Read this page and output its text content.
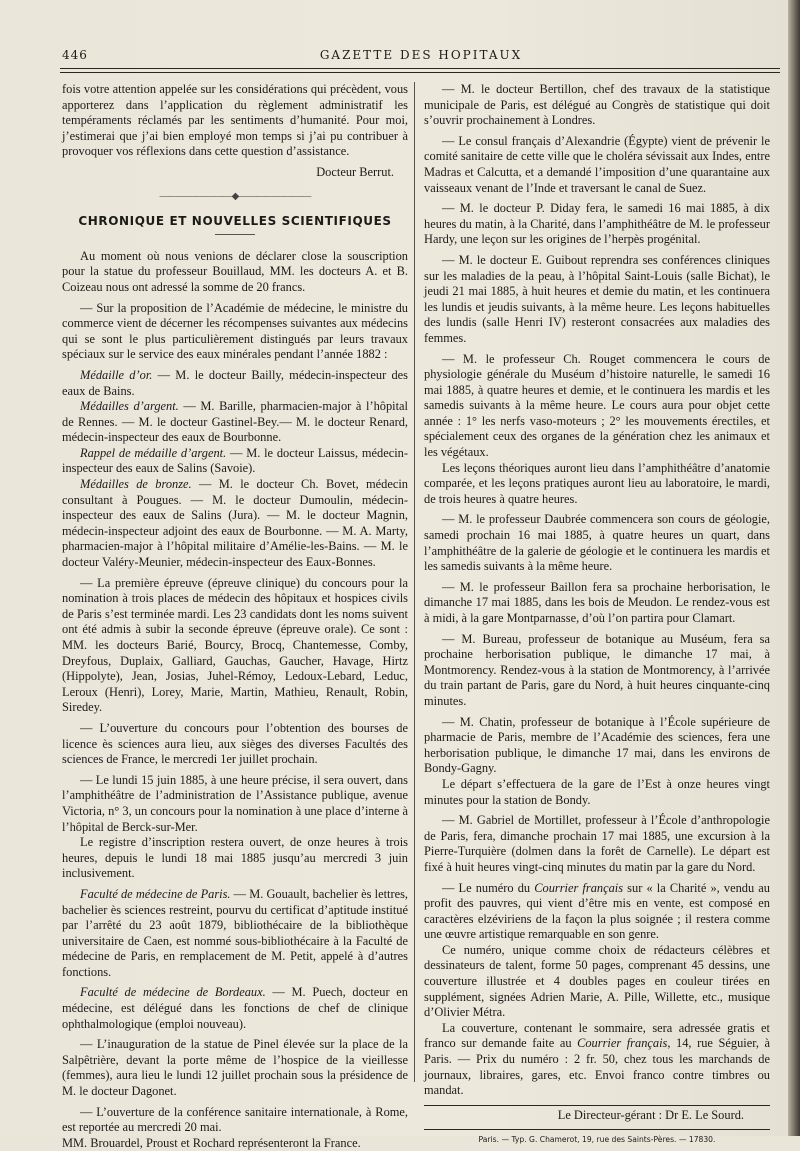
446	GAZETTE DES HOPITAUX

fois votre attention appelée sur les considérations qui précèdent, vous apporterez dans l’application du règlement administratif les tempéraments réclamés par les sentiments d’humanité. Pour moi, j’estimerai que j’ai bien employé mon temps si j’ai pu contribuer à provoquer vos réflexions dans cette question d’assistance.

Docteur Berrut.
————————◆————————
CHRONIQUE ET NOUVELLES SCIENTIFIQUES

Au moment où nous venions de déclarer close la souscription pour la statue du professeur Bouillaud, MM. les docteurs A. et B. Coizeau nous ont adressé la somme de 20 francs.

— Sur la proposition de l’Académie de médecine, le ministre du commerce vient de décerner les récompenses suivantes aux médecins qui se sont le plus particulièrement distingués par leurs travaux spéciaux sur le service des eaux minérales pendant l’année 1882 :

Médaille d’or. — M. le docteur Bailly, médecin-inspecteur des eaux de Bains.

Médailles d’argent. — M. Barille, pharmacien-major à l’hôpital de Rennes. — M. le docteur Gastinel-Bey.— M. le docteur Renard, médecin-inspecteur des eaux de Bourbonne.

Rappel de médaille d’argent. — M. le docteur Laissus, médecin-inspecteur des eaux de Salins (Savoie).

Médailles de bronze. — M. le docteur Ch. Bovet, médecin consultant à Pougues. — M. le docteur Dumoulin, médecin-inspecteur des eaux de Salins (Jura). — M. le docteur Magnin, médecin-inspecteur adjoint des eaux de Bourbonne. — M. A. Marty, pharmacien-major à l’hôpital militaire d’Amélie-les-Bains. — M. le docteur Valéry-Meunier, médecin-inspecteur des Eaux-Bonnes.

— La première épreuve (épreuve clinique) du concours pour la nomination à trois places de médecin des hôpitaux et hospices civils de Paris s’est terminée mardi. Les 23 candidats dont les noms suivent ont été admis à subir la seconde épreuve (épreuve orale). Ce sont : MM. les docteurs Barié, Bourcy, Brocq, Chantemesse, Comby, Dreyfous, Duplaix, Galliard, Gauchas, Gaucher, Havage, Hirtz (Hippolyte), Jean, Josias, Juhel-Rémoy, Ledoux-Lebard, Leduc, Leroux (Henri), Lorey, Marie, Martin, Mathieu, Renault, Robin, Siredey.

— L’ouverture du concours pour l’obtention des bourses de licence ès sciences aura lieu, aux sièges des diverses Facultés des sciences de France, le mercredi 1er juillet prochain.

— Le lundi 15 juin 1885, à une heure précise, il sera ouvert, dans l’amphithéâtre de l’administration de l’Assistance publique, avenue Victoria, n° 3, un concours pour la nomination à une place d’interne à l’hôpital de Berck-sur-Mer.

Le registre d’inscription restera ouvert, de onze heures à trois heures, depuis le lundi 18 mai 1885 jusqu’au mercredi 3 juin inclusivement.

Faculté de médecine de Paris. — M. Gouault, bachelier ès lettres, bachelier ès sciences restreint, pourvu du certificat d’aptitude institué par l’arrêté du 23 août 1879, bibliothécaire de la bibliothèque universitaire de Caen, est nommé sous-bibliothécaire à la Faculté de médecine de Paris, en remplacement de M. Petit, appelé à d’autres fonctions.

Faculté de médecine de Bordeaux. — M. Puech, docteur en médecine, est délégué dans les fonctions de chef de clinique ophthalmologique (emploi nouveau).

— L’inauguration de la statue de Pinel élevée sur la place de la Salpêtrière, devant la porte même de l’hospice de la vieillesse (femmes), aura lieu le lundi 12 juillet prochain sous la présidence de M. le docteur Dagonet.

— L’ouverture de la conférence sanitaire internationale, à Rome, est reportée au mercredi 20 mai.

MM. Brouardel, Proust et Rochard représenteront la France.

— M. le docteur Bertillon, chef des travaux de la statistique municipale de Paris, est délégué au Congrès de statistique qui doit s’ouvrir prochainement à Londres.

— Le consul français d’Alexandrie (Égypte) vient de prévenir le comité sanitaire de cette ville que le choléra sévissait aux Indes, entre Madras et Calcutta, et a demandé l’imposition d’une quarantaine aux vaisseaux venant de l’Inde et traversant le canal de Suez.

— M. le docteur P. Diday fera, le samedi 16 mai 1885, à dix heures du matin, à la Charité, dans l’amphithéâtre de M. le professeur Hardy, une leçon sur les origines de l’herpès progénital.

— M. le docteur E. Guibout reprendra ses conférences cliniques sur les maladies de la peau, à l’hôpital Saint-Louis (salle Bichat), le jeudi 21 mai 1885, à huit heures et demie du matin, et les continuera les lundis et jeudis suivants, à la même heure. Les leçons habituelles des lundis (salle Henri IV) resteront consacrées aux maladies des femmes.

— M. le professeur Ch. Rouget commencera le cours de physiologie générale du Muséum d’histoire naturelle, le samedi 16 mai 1885, à quatre heures et demie, et le continuera les mardis et les samedis suivants à la même heure. Le cours aura pour objet cette année : 1° les nerfs vaso-moteurs ; 2° les mouvements érectiles, et spécialement ceux des organes de la génération chez les animaux et les végétaux.

Les leçons théoriques auront lieu dans l’amphithéâtre d’anatomie comparée, et les leçons pratiques auront lieu au laboratoire, le mardi, de trois heures à quatre heures.

— M. le professeur Daubrée commencera son cours de géologie, samedi prochain 16 mai 1885, à quatre heures un quart, dans l’amphithéâtre de la galerie de géologie et le continuera les mardis et les samedis suivants à la même heure.

— M. le professeur Baillon fera sa prochaine herborisation, le dimanche 17 mai 1885, dans les bois de Meudon. Le rendez-vous est à midi, à la gare Montparnasse, d’où l’on partira pour Clamart.

— M. Bureau, professeur de botanique au Muséum, fera sa prochaine herborisation publique, le dimanche 17 mai, à Montmorency. Rendez-vous à la station de Montmorency, à l’arrivée du train partant de Paris, gare du Nord, à huit heures cinquante-cinq minutes.

— M. Chatin, professeur de botanique à l’École supérieure de pharmacie de Paris, membre de l’Académie des sciences, fera une herborisation publique, le dimanche 17 mai, dans les environs de Bondy-Gagny.

Le départ s’effectuera de la gare de l’Est à onze heures vingt minutes pour la station de Bondy.

— M. Gabriel de Mortillet, professeur à l’École d’anthropologie de Paris, fera, dimanche prochain 17 mai 1885, une excursion à la Pierre-Turquière (dolmen dans la forêt de Carnelle). Le départ est fixé à huit heures vingt-cinq minutes du matin par la gare du Nord.

— Le numéro du Courrier français sur « la Charité », vendu au profit des pauvres, qui vient d’être mis en vente, est composé en caractères elzéviriens de la façon la plus soignée ; il restera comme une œuvre artistique remarquable en son genre.

Ce numéro, unique comme choix de rédacteurs célèbres et dessinateurs de talent, forme 50 pages, comprenant 45 dessins, une couverture illustrée et 4 doubles pages en couleur tirées en supplément, signées Adrien Marie, A. Pille, Willette, etc., musique d’Olivier Métra.

La couverture, contenant le sommaire, sera adressée gratis et franco sur demande faite au Courrier français, 14, rue Séguier, à Paris. — Prix du numéro : 2 fr. 50, chez tous les marchands de journaux, libraires, gares, etc. Envoi franco contre timbres ou mandat.

Le Directeur-gérant : Dr E. Le Sourd.
Paris. — Typ. G. Chamerot, 19, rue des Saints-Pères. — 17830.
